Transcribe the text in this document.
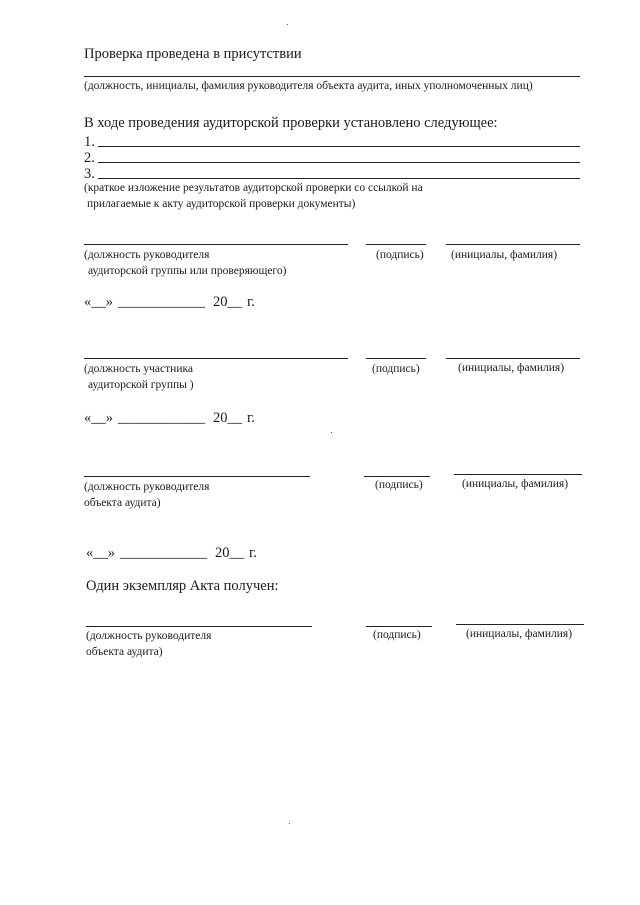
Проверка проведена в присутствии
(должность, инициалы, фамилия руководителя объекта аудита, иных уполномоченных лиц)
В ходе проведения аудиторской проверки установлено следующее:
1.
2.
3.
(краткое изложение результатов аудиторской проверки со ссылкой на
прилагаемые к акту аудиторской проверки документы)
(должность руководителя	(подпись) (инициалы, фамилия)
аудиторской группы или проверяющего)
«__» ____________ 20__ г.
(должность участника	(подпись)	(инициалы, фамилия)
аудиторской группы )
«__» ____________ 20__ г.
(должность руководителя	(подпись)	(инициалы, фамилия)
объекта аудита)
«__» ____________ 20__ г.
Один экземпляр Акта получен:
(должность руководителя	(подпись)	(инициалы, фамилия)
объекта аудита)
